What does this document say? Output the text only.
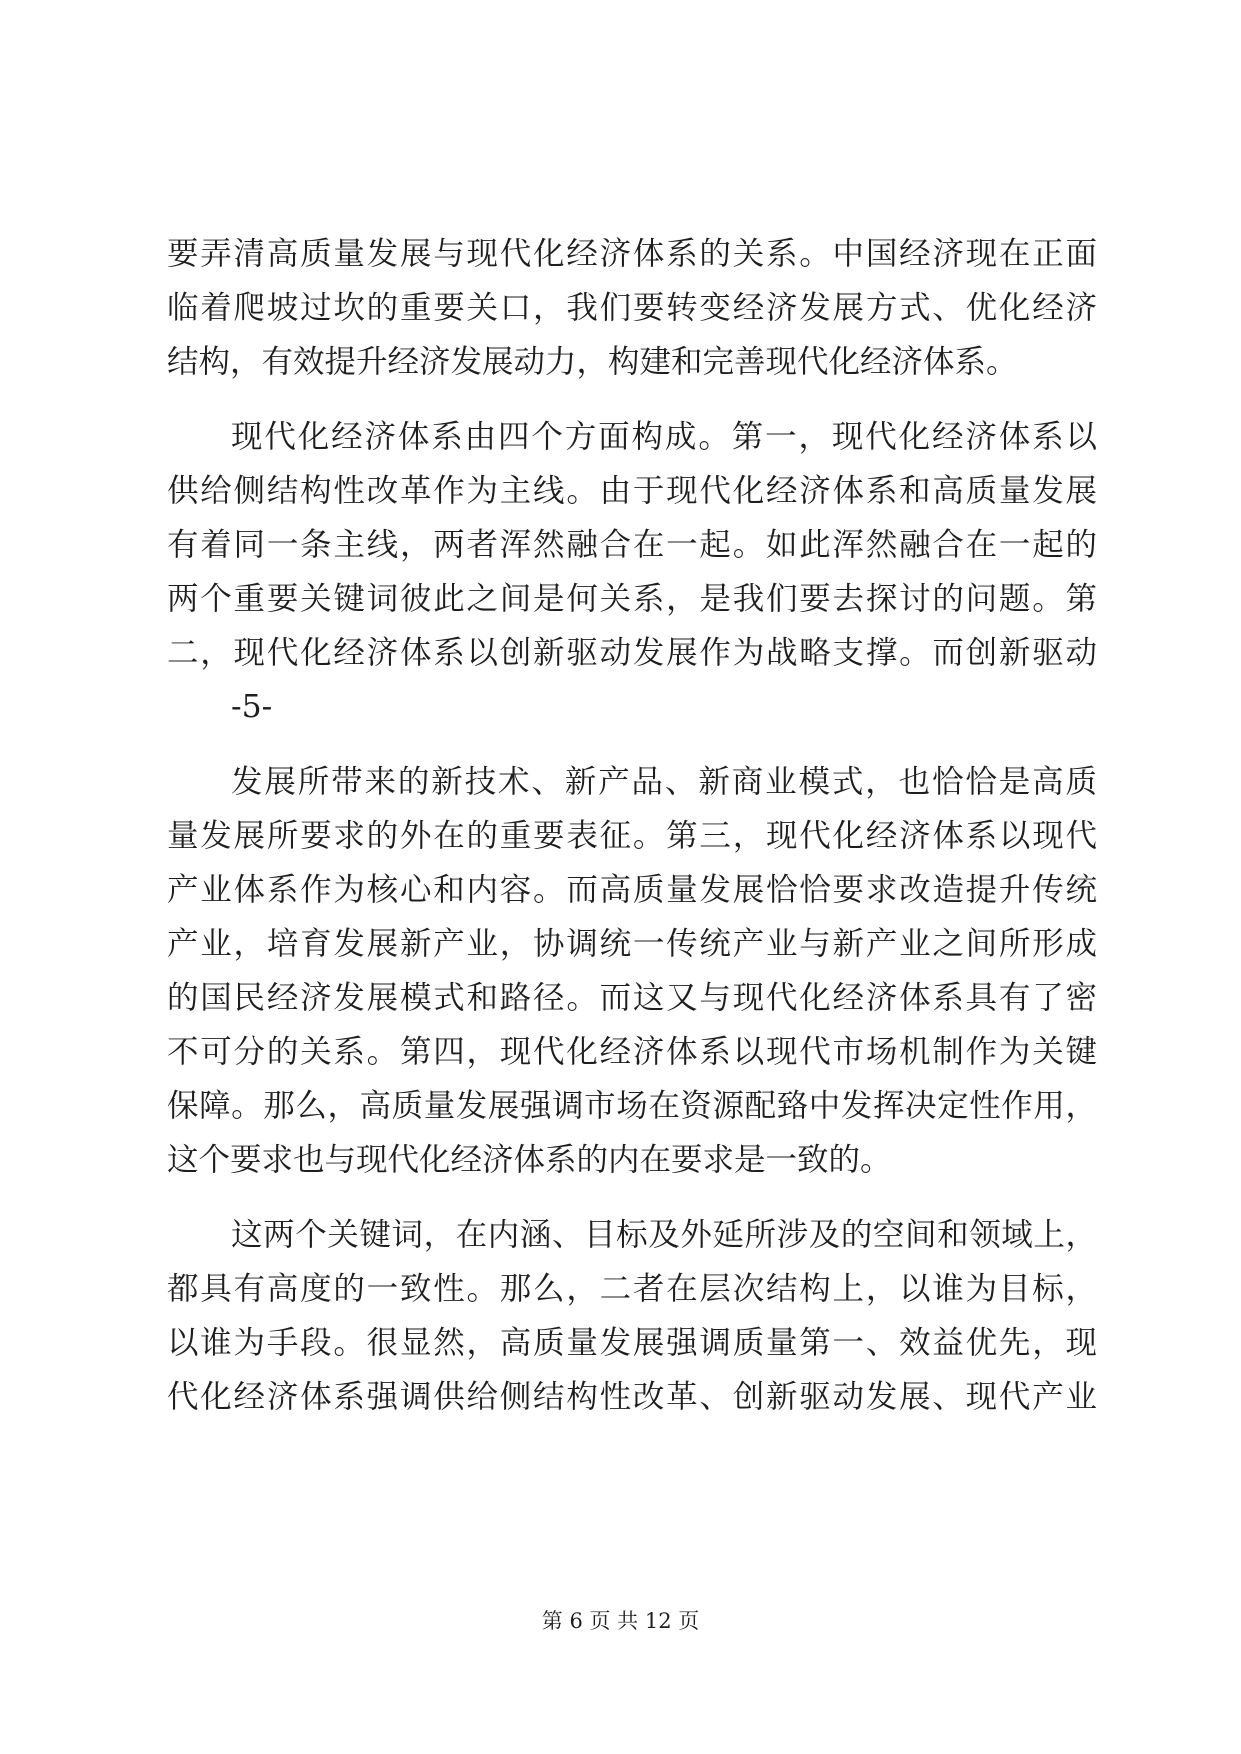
要弄清高质量发展与现代化经济体系的关系。中国经济现在正面
临着爬坡过坎的重要关口，我们要转变经济发展方式、优化经济
结构，有效提升经济发展动力，构建和完善现代化经济体系。
现代化经济体系由四个方面构成。第一，现代化经济体系以
供给侧结构性改革作为主线。由于现代化经济体系和高质量发展
有着同一条主线，两者浑然融合在一起。如此浑然融合在一起的
两个重要关键词彼此之间是何关系，是我们要去探讨的问题。第
二，现代化经济体系以创新驱动发展作为战略支撑。而创新驱动
-5-
发展所带来的新技术、新产品、新商业模式，也恰恰是高质
量发展所要求的外在的重要表征。第三，现代化经济体系以现代
产业体系作为核心和内容。而高质量发展恰恰要求改造提升传统
产业，培育发展新产业，协调统一传统产业与新产业之间所形成
的国民经济发展模式和路径。而这又与现代化经济体系具有了密
不可分的关系。第四，现代化经济体系以现代市场机制作为关键
保障。那么，高质量发展强调市场在资源配臵中发挥决定性作用，
这个要求也与现代化经济体系的内在要求是一致的。
这两个关键词，在内涵、目标及外延所涉及的空间和领域上，
都具有高度的一致性。那么，二者在层次结构上，以谁为目标，
以谁为手段。很显然，高质量发展强调质量第一、效益优先，现
代化经济体系强调供给侧结构性改革、创新驱动发展、现代产业
第 6 页 共 12 页
